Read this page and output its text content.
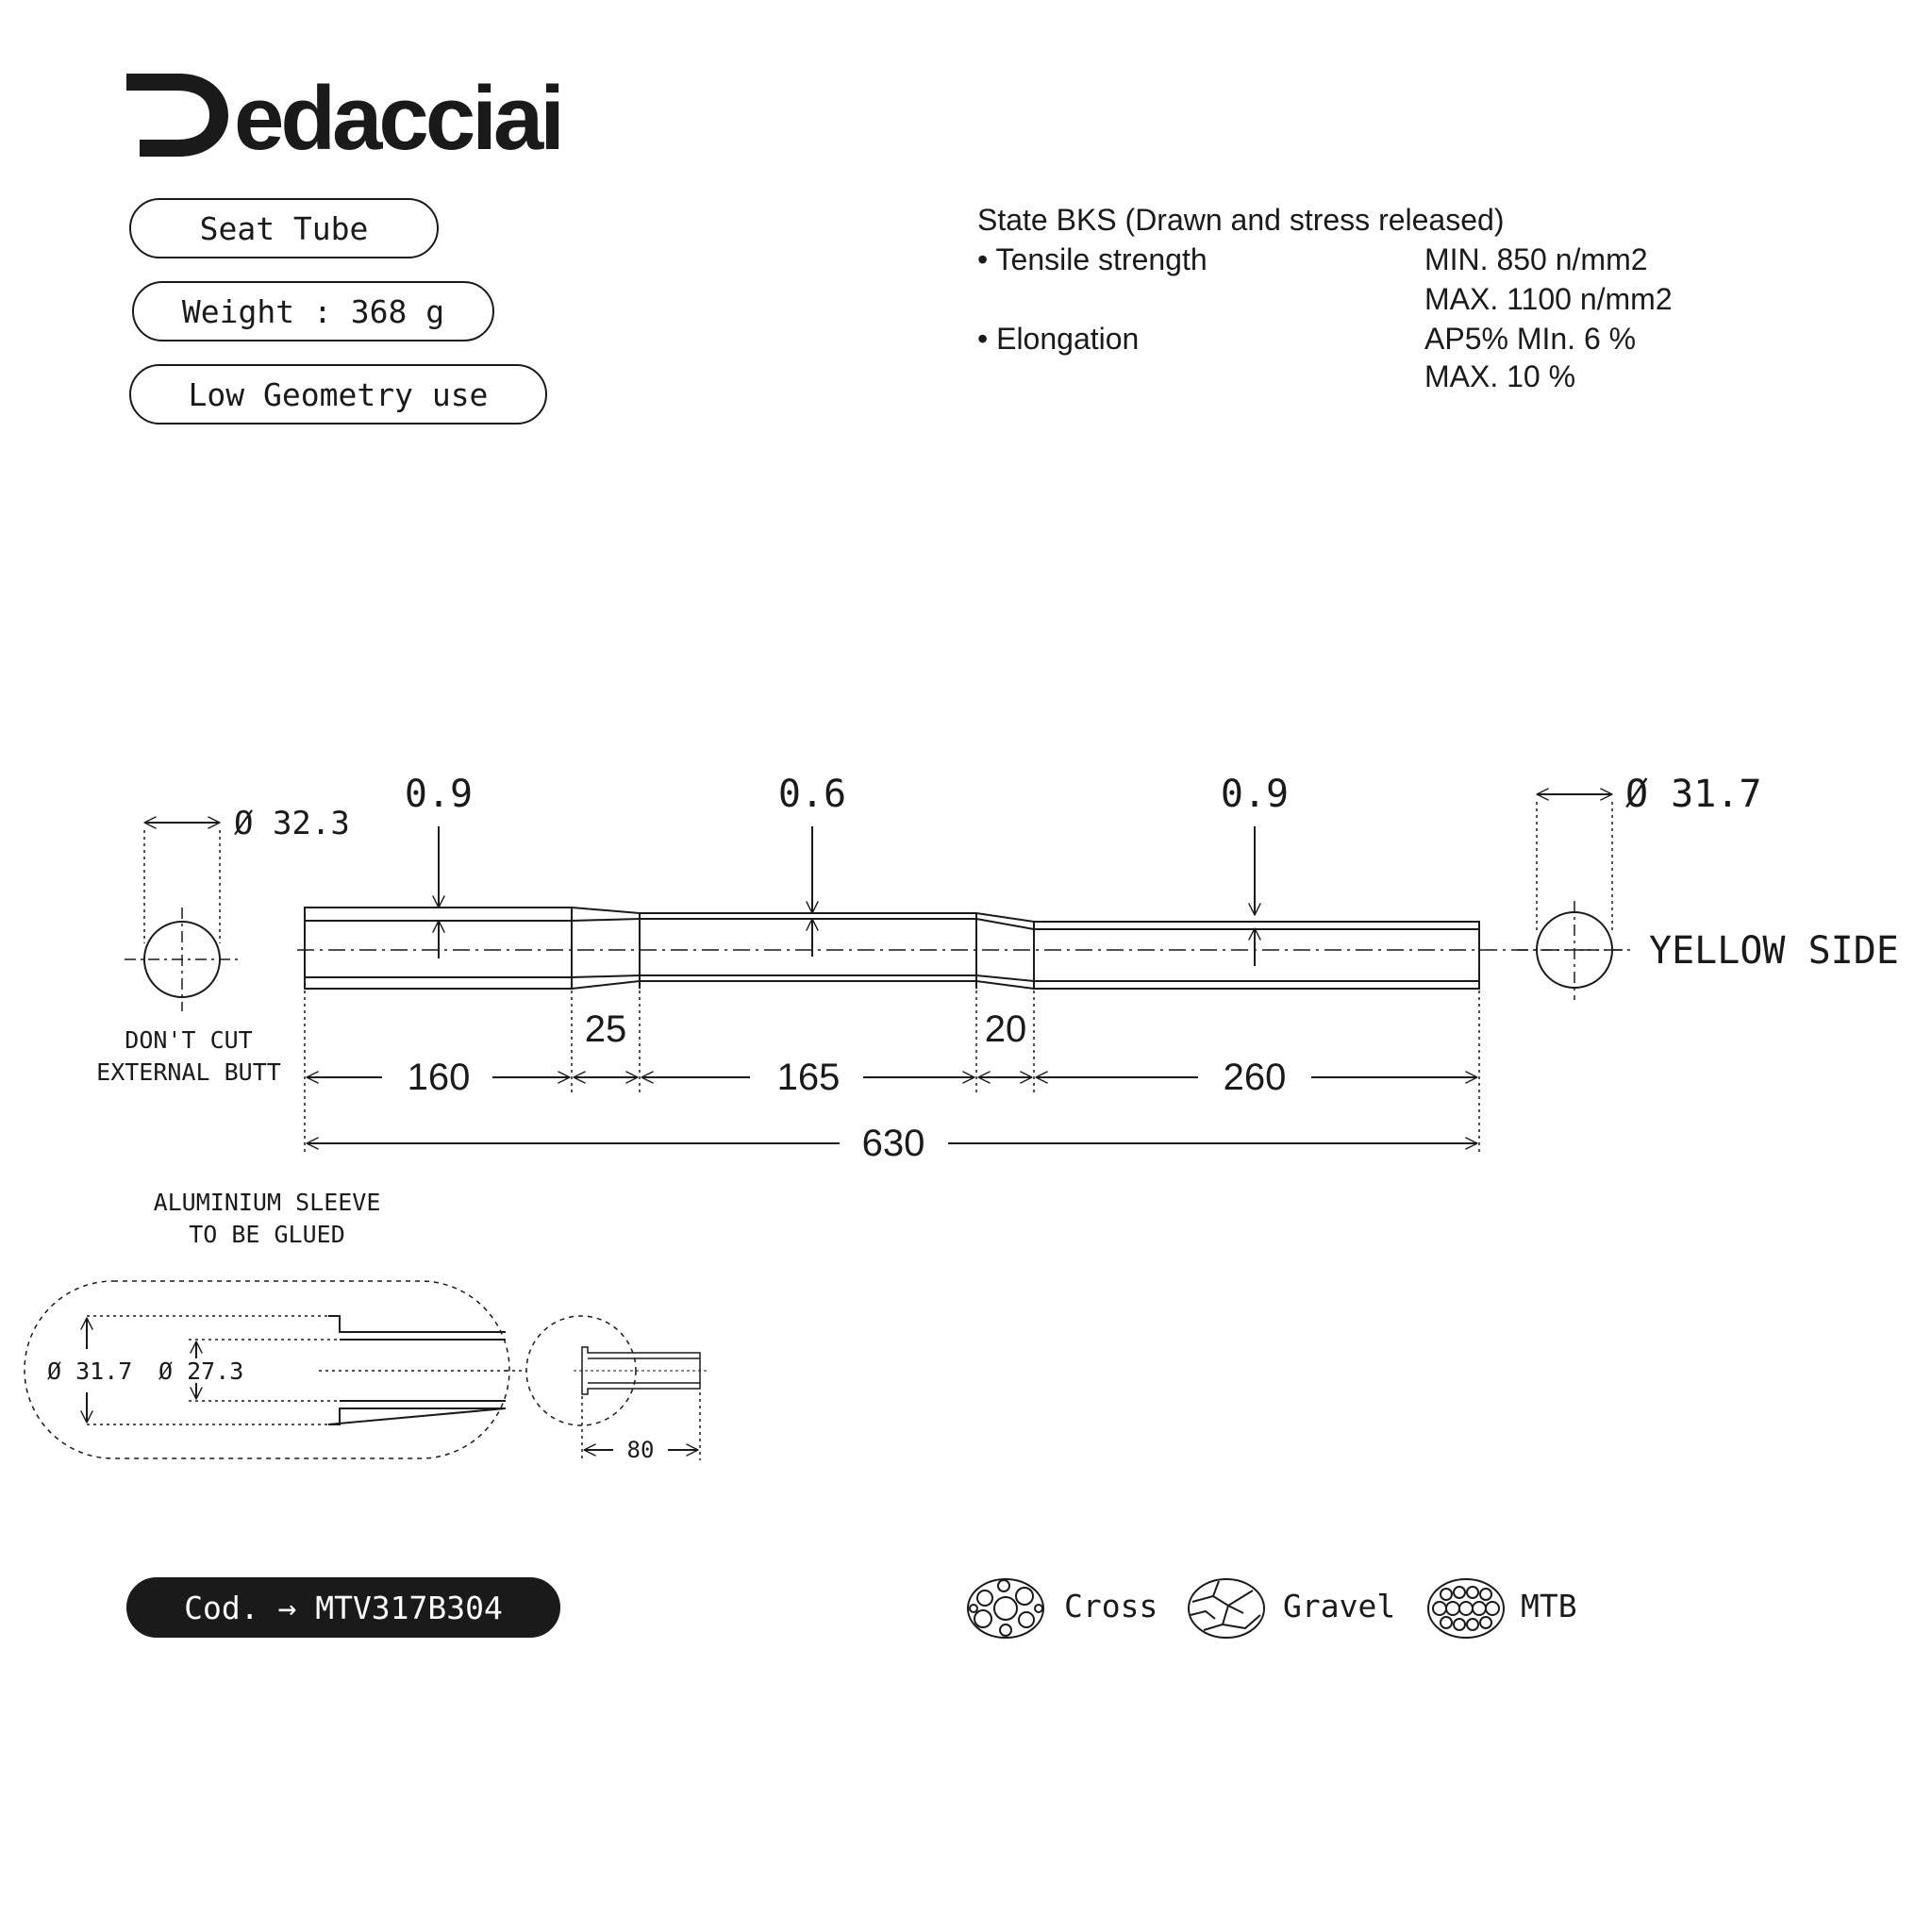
edacciai
Seat Tube
Weight : 368 g
Low Geometry use
Cod.
→
MTV317B304
State BKS (Drawn and stress released)
• Tensile strength	MIN. 850 n/mm2
MAX. 1100 n/mm2
• Elongation	AP5% MIn. 6 %
MAX. 10 %
Ø 32.3
Ø 31.7
0.9	0.6	0.9
YELLOW SIDE
DON'T CUT
EXTERNAL BUTT	160
25
165
20
260
630
ALUMINIUM SLEEVE
TO BE GLUED
Ø 31.7 Ø 27.3
80
Cross	Gravel	MTB
